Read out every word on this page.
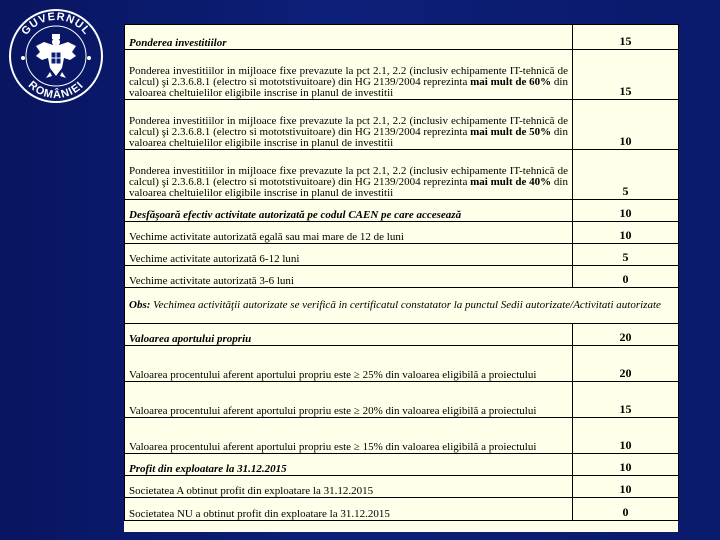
GUVERNUL
ROMÂNIEI
Ponderea investitiilor	15
Ponderea investitiilor in mijloace fixe prevazute la pct 2.1, 2.2 (inclusiv echipamente IT-tehnică de calcul) şi 2.3.6.8.1 (electro si mototstivuitoare) din HG 2139/2004 reprezinta mai mult de 60% din valoarea cheltuielilor eligibile inscrise in planul de investitii	15
Ponderea investitiilor in mijloace fixe prevazute la pct 2.1, 2.2 (inclusiv echipamente IT-tehnică de calcul) şi 2.3.6.8.1 (electro si mototstivuitoare) din HG 2139/2004 reprezinta mai mult de 50% din valoarea cheltuielilor eligibile inscrise in planul de investitii	10
Ponderea investitiilor in mijloace fixe prevazute la pct 2.1, 2.2 (inclusiv echipamente IT-tehnică de calcul) şi 2.3.6.8.1 (electro si mototstivuitoare) din HG 2139/2004 reprezinta mai mult de 40% din valoarea cheltuielilor eligibile inscrise in planul de investitii	5
Desfăşoară efectiv activitate autorizată pe codul CAEN pe care accesează	10
Vechime activitate autorizată egală sau mai mare de 12 de luni	10
Vechime activitate autorizată 6-12 luni	5
Vechime activitate autorizată 3-6 luni	0
Obs: Vechimea activităţii autorizate se verifică in certificatul constatator la punctul Sedii autorizate/Activitati autorizate	
Valoarea aportului propriu	20
Valoarea procentului aferent aportului propriu este ≥ 25% din valoarea eligibilă a proiectului	20
Valoarea procentului aferent aportului propriu este ≥ 20% din valoarea eligibilă a proiectului	15
Valoarea procentului aferent aportului propriu este ≥ 15% din valoarea eligibilă a proiectului	10
Profit din exploatare la 31.12.2015	10
Societatea A obtinut profit din exploatare la 31.12.2015	10
Societatea NU a obtinut profit din exploatare la 31.12.2015	0
